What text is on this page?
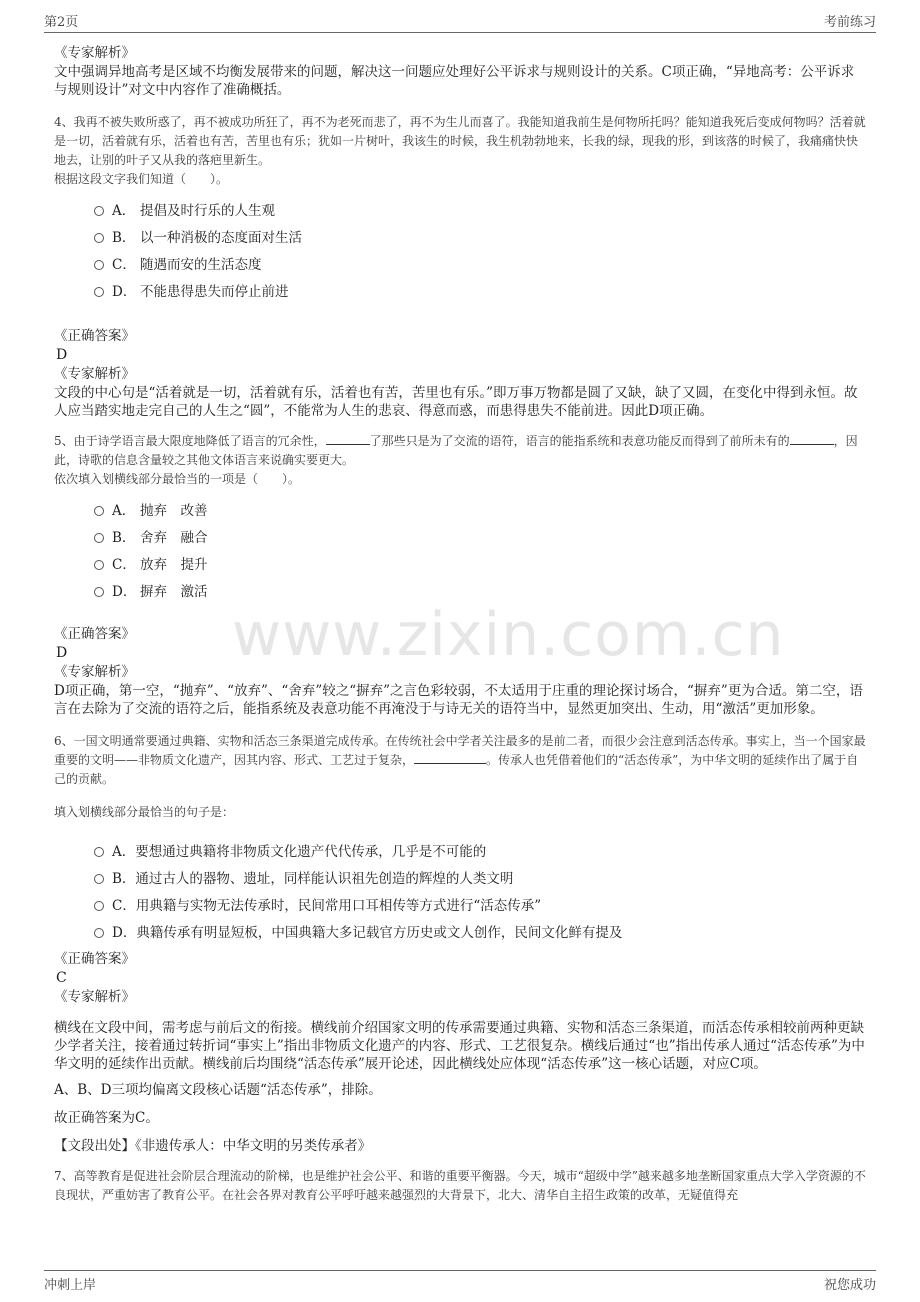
第2页	考前练习
www.zixin.com.cn

《专家解析》

文中强调异地高考是区域不均衡发展带来的问题，解决这一问题应处理好公平诉求与规则设计的关系。C项正确，“异地高考：公平诉求与规则设计”对文中内容作了准确概括。

4、我再不被失败所惑了，再不被成功所狂了，再不为老死而悲了，再不为生儿而喜了。我能知道我前生是何物所托吗？能知道我死后变成何物吗？活着就是一切，活着就有乐，活着也有苦，苦里也有乐；犹如一片树叶，我该生的时候，我生机勃勃地来，长我的绿，现我的形，到该落的时候了，我痛痛快快地去，让别的叶子又从我的落疤里新生。

根据这段文字我们知道（　　）。

A． 提倡及时行乐的人生观
B． 以一种消极的态度面对生活
C． 随遇而安的生活态度
D． 不能患得患失而停止前进

《正确答案》

D

《专家解析》

文段的中心句是“活着就是一切，活着就有乐，活着也有苦，苦里也有乐。”即万事万物都是圆了又缺，缺了又圆，在变化中得到永恒。故人应当踏实地走完自己的人生之“圆”，不能常为人生的悲哀、得意而惑，而患得患失不能前进。因此D项正确。

5、由于诗学语言最大限度地降低了语言的冗余性，	了那些只是为了交流的语符，语言的能指系统和表意功能反而得到了前所未有的	，因此，诗歌的信息含量较之其他文体语言来说确实要更大。

依次填入划横线部分最恰当的一项是（　　）。

A． 抛弃　改善
B． 舍弃　融合
C． 放弃　提升
D． 摒弃　激活

《正确答案》

D

《专家解析》

D项正确，第一空，“抛弃”、“放弃”、“舍弃”较之“摒弃”之言色彩较弱，不太适用于庄重的理论探讨场合，“摒弃”更为合适。第二空，语言在去除为了交流的语符之后，能指系统及表意功能不再淹没于与诗无关的语符当中，显然更加突出、生动，用“激活”更加形象。

6、一国文明通常要通过典籍、实物和活态三条渠道完成传承。在传统社会中学者关注最多的是前二者，而很少会注意到活态传承。事实上，当一个国家最重要的文明——非物质文化遗产，因其内容、形式、工艺过于复杂，	。传承人也凭借着他们的“活态传承”，为中华文明的延续作出了属于自己的贡献。

填入划横线部分最恰当的句子是：

A． 要想通过典籍将非物质文化遗产代代传承，几乎是不可能的
B． 通过古人的器物、遗址，同样能认识祖先创造的辉煌的人类文明
C． 用典籍与实物无法传承时，民间常用口耳相传等方式进行“活态传承”
D． 典籍传承有明显短板，中国典籍大多记载官方历史或文人创作，民间文化鲜有提及

《正确答案》

C

《专家解析》

横线在文段中间，需考虑与前后文的衔接。横线前介绍国家文明的传承需要通过典籍、实物和活态三条渠道，而活态传承相较前两种更缺少学者关注，接着通过转折词“事实上”指出非物质文化遗产的内容、形式、工艺很复杂。横线后通过“也”指出传承人通过“活态传承”为中华文明的延续作出贡献。横线前后均围绕“活态传承”展开论述，因此横线处应体现“活态传承”这一核心话题，对应C项。

A、B、D三项均偏离文段核心话题“活态传承”，排除。

故正确答案为C。

【文段出处】《非遗传承人：中华文明的另类传承者》

7、高等教育是促进社会阶层合理流动的阶梯，也是维护社会公平、和谐的重要平衡器。今天，城市“超级中学”越来越多地垄断国家重点大学入学资源的不良现状，严重妨害了教育公平。在社会各界对教育公平呼吁越来越强烈的大背景下，北大、清华自主招生政策的改革，无疑值得充

冲刺上岸	祝您成功
